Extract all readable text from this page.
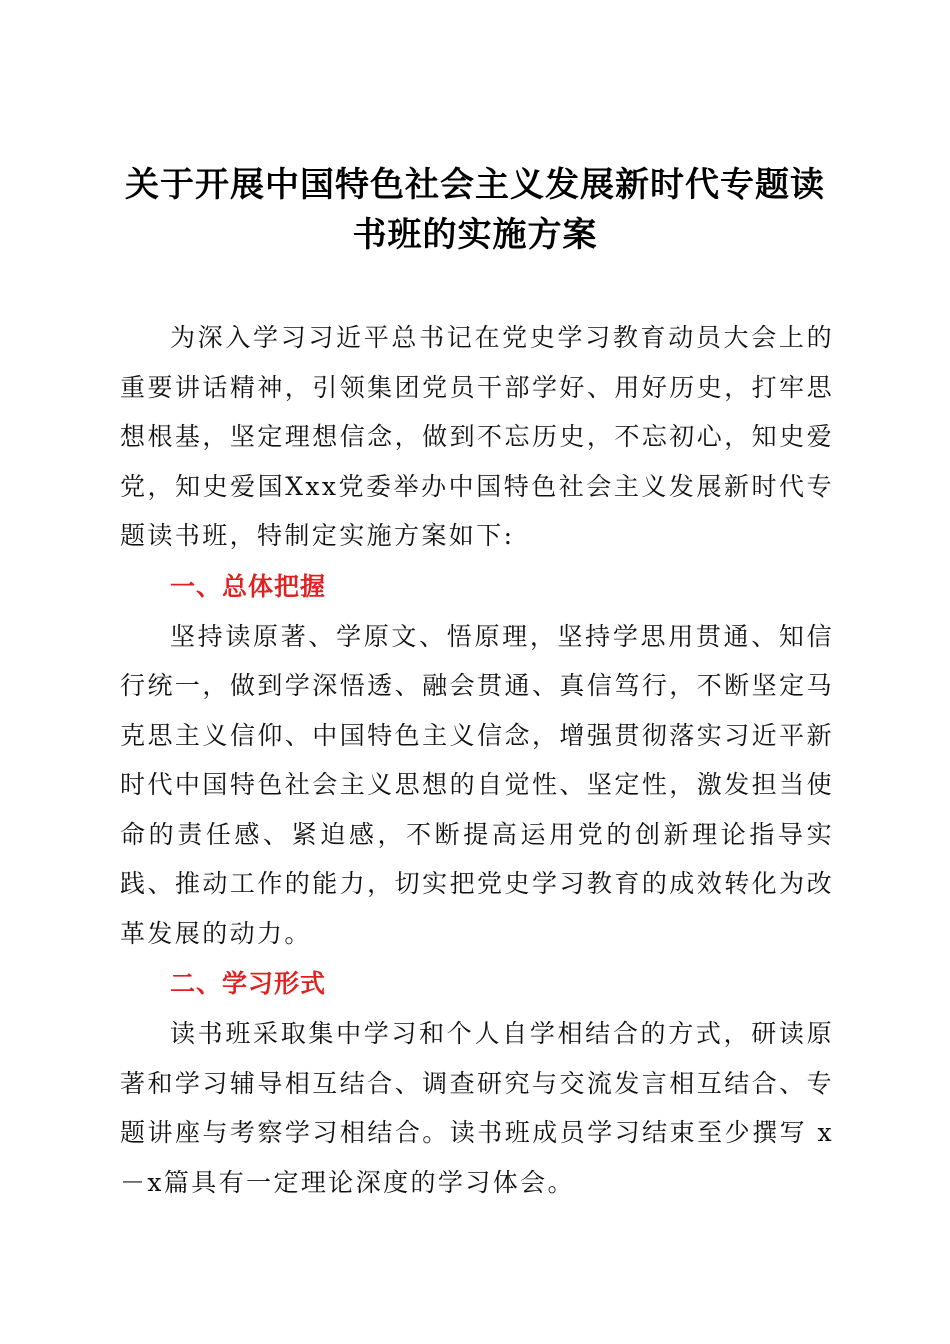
关于开展中国特色社会主义发展新时代专题读
书班的实施方案

为深入学习习近平总书记在党史学习教育动员大会上的重要讲话精神，引领集团党员干部学好、用好历史，打牢思想根基，坚定理想信念，做到不忘历史，不忘初心，知史爱党，知史爱国Xxx党委举办中国特色社会主义发展新时代专题读书班，特制定实施方案如下:

一、总体把握

坚持读原著、学原文、悟原理，坚持学思用贯通、知信行统一，做到学深悟透、融会贯通、真信笃行，不断坚定马克思主义信仰、中国特色主义信念，增强贯彻落实习近平新时代中国特色社会主义思想的自觉性、坚定性，激发担当使命的责任感、紧迫感，不断提高运用党的创新理论指导实践、推动工作的能力，切实把党史学习教育的成效转化为改革发展的动力。

二、学习形式

读书班采取集中学习和个人自学相结合的方式，研读原著和学习辅导相互结合、调查研究与交流发言相互结合、专题讲座与考察学习相结合。读书班成员学习结束至少撰写 x－x篇具有一定理论深度的学习体会。
